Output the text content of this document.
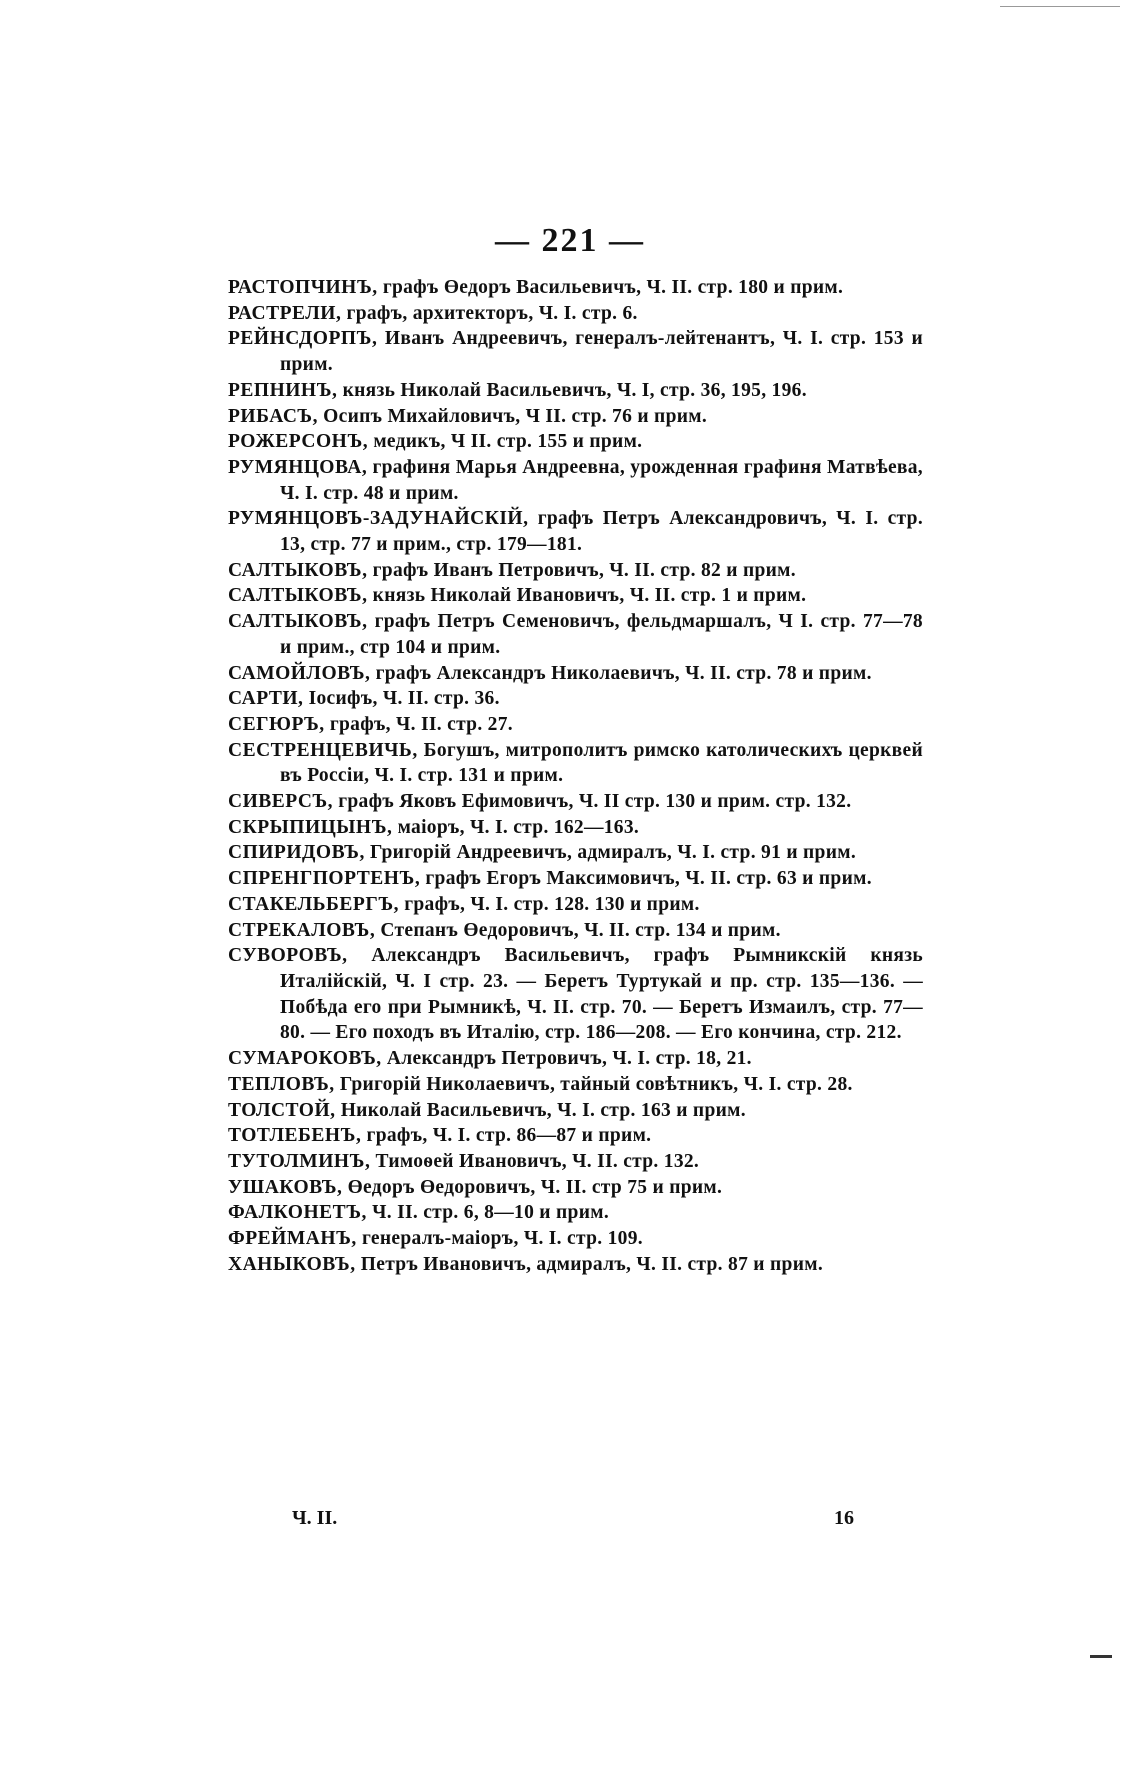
— 221 —

РАСТОПЧИНЪ, графъ Өедоръ Васильевичъ, Ч. II. стр. 180 и прим.

РАСТРЕЛИ, графъ, архитекторъ, Ч. I. стр. 6.

РЕЙНСДОРПЪ, Иванъ Андреевичъ, генералъ-лейтенантъ, Ч. I. стр. 153 и прим.

РЕПНИНЪ, князь Николай Васильевичъ, Ч. I, стр. 36, 195, 196.

РИБАСЪ, Осипъ Михайловичъ, Ч II. стр. 76 и прим.

РОЖЕРСОНЪ, медикъ, Ч II. стр. 155 и прим.

РУМЯНЦОВА, графиня Марья Андреевна, урожденная графиня Матвѣева, Ч. I. стр. 48 и прим.

РУМЯНЦОВЪ-ЗАДУНАЙСКІЙ, графъ Петръ Александровичъ, Ч. I. стр. 13, стр. 77 и прим., стр. 179—181.

САЛТЫКОВЪ, графъ Иванъ Петровичъ, Ч. II. стр. 82 и прим.

САЛТЫКОВЪ, князь Николай Ивановичъ, Ч. II. стр. 1 и прим.

САЛТЫКОВЪ, графъ Петръ Семеновичъ, фельдмаршалъ, Ч I. стр. 77—78 и прим., стр 104 и прим.

САМОЙЛОВЪ, графъ Александръ Николаевичъ, Ч. II. стр. 78 и прим.

САРТИ, Іосифъ, Ч. II. стр. 36.

СЕГЮРЪ, графъ, Ч. II. стр. 27.

СЕСТРЕНЦЕВИЧЬ, Богушъ, митрополитъ римско католическихъ церквей въ Россіи, Ч. I. стр. 131 и прим.

СИВЕРСЪ, графъ Яковъ Ефимовичъ, Ч. II стр. 130 и прим. стр. 132.

СКРЫПИЦЫНЪ, маіоръ, Ч. I. стр. 162—163.

СПИРИДОВЪ, Григорій Андреевичъ, адмиралъ, Ч. I. стр. 91 и прим.

СПРЕНГПОРТЕНЪ, графъ Егоръ Максимовичъ, Ч. II. стр. 63 и прим.

СТАКЕЛЬБЕРГЪ, графъ, Ч. I. стр. 128. 130 и прим.

СТРЕКАЛОВЪ, Степанъ Өедоровичъ, Ч. II. стр. 134 и прим.

СУВОРОВЪ, Александръ Васильевичъ, графъ Рымникскій князь Италійскій, Ч. I стр. 23. — Беретъ Туртукай и пр. стр. 135—136. — Побѣда его при Рымникѣ, Ч. II. стр. 70. — Беретъ Измаилъ, стр. 77—80. — Его походъ въ Италію, стр. 186—208. — Его кончина, стр. 212.

СУМАРОКОВЪ, Александръ Петровичъ, Ч. I. стр. 18, 21.

ТЕПЛОВЪ, Григорій Николаевичъ, тайный совѣтникъ, Ч. I. стр. 28.

ТОЛСТОЙ, Николай Васильевичъ, Ч. I. стр. 163 и прим.

ТОТЛЕБЕНЪ, графъ, Ч. I. стр. 86—87 и прим.

ТУТОЛМИНЪ, Тимоѳей Ивановичъ, Ч. II. стр. 132.

УШАКОВЪ, Өедоръ Өедоровичъ, Ч. II. стр 75 и прим.

ФАЛКОНЕТЪ, Ч. II. стр. 6, 8—10 и прим.

ФРЕЙМАНЪ, генералъ-маіоръ, Ч. I. стр. 109.

ХАНЫКОВЪ, Петръ Ивановичъ, адмиралъ, Ч. II. стр. 87 и прим.

Ч. II.	16
